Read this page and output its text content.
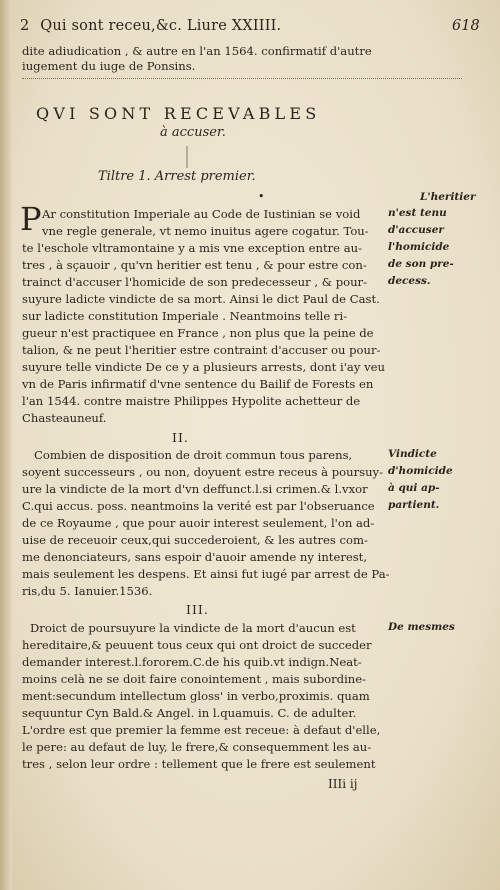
2 Qui sont receu,&c. Liure XXIIII.	618
dite adiudication , & autre en l'an 1564. confirmatif d'autre
iugement du iuge de Ponsins.
QVI SONT RECEVABLES
à accuser.
Tiltre 1. Arrest premier.
•
P Ar constitution Imperiale au Code de Iustinian se void
vne regle generale, vt nemo inuitus agere cogatur. Tou-
te l'eschole vltramontaine y a mis vne exception entre au-
tres , à sçauoir , qu'vn heritier est tenu , & pour estre con-
trainct d'accuser l'homicide de son predecesseur , & pour-
suyure ladicte vindicte de sa mort. Ainsi le dict Paul de Cast.
sur ladicte constitution Imperiale . Neantmoins telle ri-
gueur n'est practiquee en France , non plus que la peine de
talion, & ne peut l'heritier estre contraint d'accuser ou pour-
suyure telle vindicte De ce y a plusieurs arrests, dont i'ay veu
vn de Paris infirmatif d'vne sentence du Bailif de Forests en
l'an 1544. contre maistre Philippes Hypolite achetteur de
Chasteauneuf.
II.
Combien de disposition de droit commun tous parens,
soyent successeurs , ou non, doyuent estre receus à poursuy-
ure la vindicte de la mort d'vn deffunct.l.si crimen.& l.vxor
C.qui accus. poss. neantmoins la verité est par l'obseruance
de ce Royaume , que pour auoir interest seulement, l'on ad-
uise de receuoir ceux,qui succederoient, & les autres com-
me denonciateurs, sans espoir d'auoir amende ny interest,
mais seulement les despens. Et ainsi fut iugé par arrest de Pa-
ris,du 5. Ianuier.1536.
III.
Droict de poursuyure la vindicte de la mort d'aucun est
hereditaire,& peuuent tous ceux qui ont droict de succeder
demander interest.l.fororem.C.de his quib.vt indign.Neat-
moins celà ne se doit faire conointement , mais subordine-
ment:secundum intellectum gloss' in verbo,proximis. quam
sequuntur Cyn Bald.& Angel. in l.quamuis. C. de adulter.
L'ordre est que premier la femme est receue: à defaut d'elle,
le pere: au defaut de luy, le frere,& consequemment les au-
tres , selon leur ordre : tellement que le frere est seulement
IIIi ij
L'heritier
n'est tenu
d'accuser
l'homicide
de son pre-
decess.
Vindicte
d'homicide
à qui ap-
partient.
De mesmes
